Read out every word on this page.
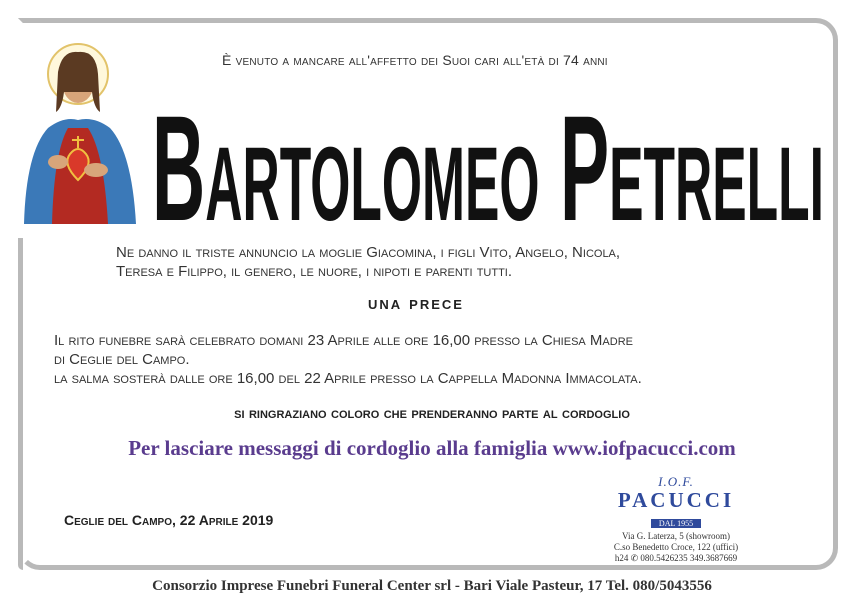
È venuto a mancare all'affetto dei Suoi cari all'età di 74 anni
Bartolomeo Petrelli
Ne danno il triste annuncio la moglie Giacomina, i figli Vito, Angelo, Nicola,
Teresa e Filippo, il genero, le nuore, i nipoti e parenti tutti.
una prece
Il rito funebre sarà celebrato domani 23 Aprile alle ore 16,00 presso la Chiesa Madre
di Ceglie del Campo.
la salma sosterà dalle ore 16,00 del 22 Aprile presso la Cappella Madonna Immacolata.
si ringraziano coloro che prenderanno parte al cordoglio
Per lasciare messaggi di cordoglio alla famiglia www.iofpacucci.com
Ceglie del Campo, 22 Aprile 2019
I.O.F.
PACUCCI
DAL 1955
Via G. Laterza, 5 (showroom)
C.so Benedetto Croce, 122 (uffici)
h24 ✆ 080.5426235 349.3687669
Consorzio Imprese Funebri Funeral Center srl - Bari Viale Pasteur, 17 Tel. 080/5043556
